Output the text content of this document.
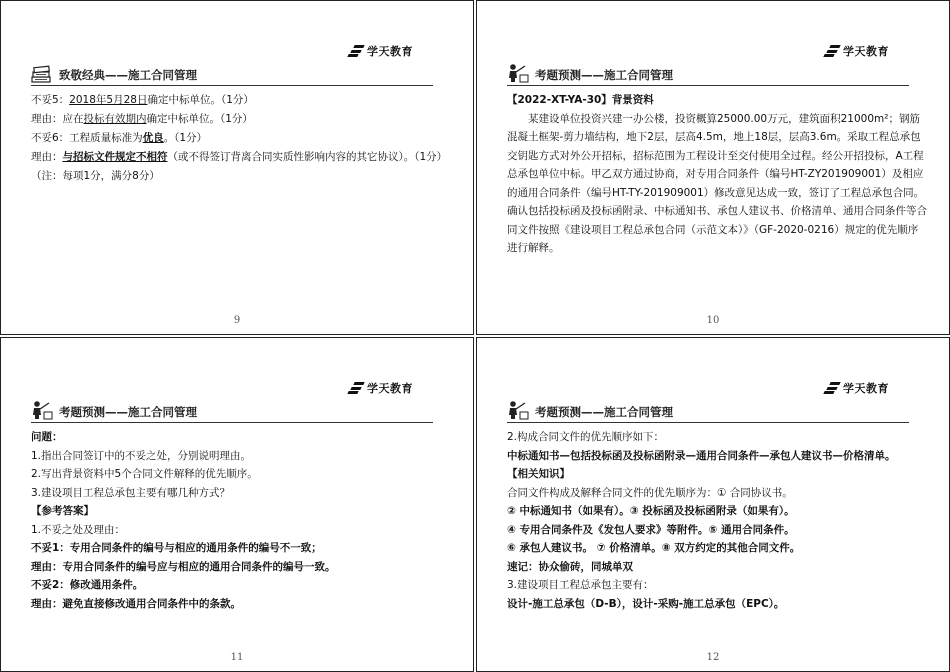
学天教育
致敬经典——施工合同管理

不妥5：2018年5月28日确定中标单位。（1分）

理由：应在投标有效期内确定中标单位。（1分）

不妥6：工程质量标准为优良。（1分）

理由：与招标文件规定不相符（或不得签订背离合同实质性影响内容的其它协议）。（1分）

（注：每项1分，满分8分）

9
学天教育
考题预测——施工合同管理

【2022-XT-YA-30】背景资料

某建设单位投资兴建一办公楼，投资概算25000.00万元，建筑面积21000m²；钢筋混凝土框架-剪力墙结构，地下2层，层高4.5m，地上18层，层高3.6m。采取工程总承包交钥匙方式对外公开招标，招标范围为工程设计至交付使用全过程。经公开招投标，A工程总承包单位中标。甲乙双方通过协商，对专用合同条件（编号HT-ZY201909001）及相应的通用合同条件（编号HT-TY-201909001）修改意见达成一致，签订了工程总承包合同。确认包括投标函及投标函附录、中标通知书、承包人建议书、价格清单、通用合同条件等合同文件按照《建设项目工程总承包合同（示范文本）》（GF-2020-0216）规定的优先顺序进行解释。

10
学天教育
考题预测——施工合同管理

问题：

1.指出合同签订中的不妥之处，分别说明理由。

2.写出背景资料中5个合同文件解释的优先顺序。

3.建设项目工程总承包主要有哪几种方式？

【参考答案】

1.不妥之处及理由：

不妥1：专用合同条件的编号与相应的通用条件的编号不一致；

理由：专用合同条件的编号应与相应的通用合同条件的编号一致。

不妥2：修改通用条件。

理由：避免直接修改通用合同条件中的条款。

11
学天教育
考题预测——施工合同管理

2.构成合同文件的优先顺序如下：

中标通知书—包括投标函及投标函附录—通用合同条件—承包人建议书—价格清单。

【相关知识】

合同文件构成及解释合同文件的优先顺序为：① 合同协议书。

② 中标通知书（如果有）。③ 投标函及投标函附录（如果有）。

④ 专用合同条件及《发包人要求》等附件。⑤ 通用合同条件。

⑥ 承包人建议书。 ⑦ 价格清单。⑧ 双方约定的其他合同文件。

速记：协众偷砖，同城单双

3.建设项目工程总承包主要有：

设计-施工总承包（D-B），设计-采购-施工总承包（EPC）。

12
